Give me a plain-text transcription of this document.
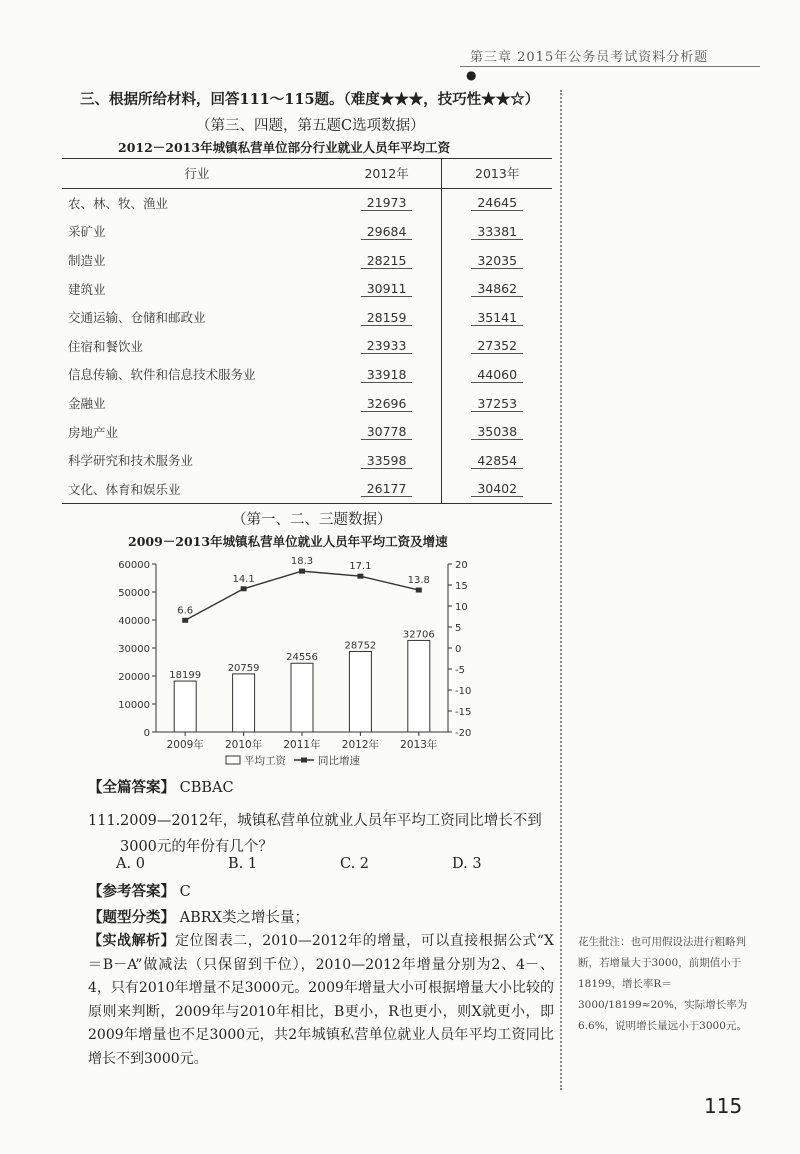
第三章 2015年公务员考试资料分析题
●
三、根据所给材料，回答111～115题。（难度★★★，技巧性★★☆）
（第三、四题，第五题C选项数据）
2012－2013年城镇私营单位部分行业就业人员年平均工资
行业	2012年	2013年
农、林、牧、渔业	21973	24645
采矿业	29684	33381
制造业	28215	32035
建筑业	30911	34862
交通运输、仓储和邮政业	28159	35141
住宿和餐饮业	23933	27352
信息传输、软件和信息技术服务业	33918	44060
金融业	32696	37253
房地产业	30778	35038
科学研究和技术服务业	33598	42854
文化、体育和娱乐业	26177	30402
（第一、二、三题数据）
2009－2013年城镇私营单位就业人员年平均工资及增速
0
10000
20000
30000
40000
50000
60000
-20
-15
-10
-5
0
5
10
15
20
18199
20759
24556
28752
32706
2009年 2010年 2011年 2012年 2013年
6.6
14.1
18.3	17.1
13.8
平均工资	同比增速
【全篇答案】 CBBAC
111. 2009—2012年，城镇私营单位就业人员年平均工资同比增长不到3000元的年份有几个？
A. 0	B. 1	C. 2	D. 3
【参考答案】 C
【题型分类】 ABRX类之增长量；
【实战解析】定位图表二，2010—2012年的增量，可以直接根据公式“X＝B－A”做减法（只保留到千位），2010—2012年增量分别为2、4－、4，只有2010年增量不足3000元。2009年增量大小可根据增量大小比较的原则来判断，2009年与2010年相比，B更小，R也更小，则X就更小，即2009年增量也不足3000元，共2年城镇私营单位就业人员年平均工资同比增长不到3000元。
花生批注：也可用假设法进行粗略判断，若增量大于3000，前期值小于18199，增长率R＝3000/18199≈20%，实际增长率为6.6%，说明增长量远小于3000元。
115
